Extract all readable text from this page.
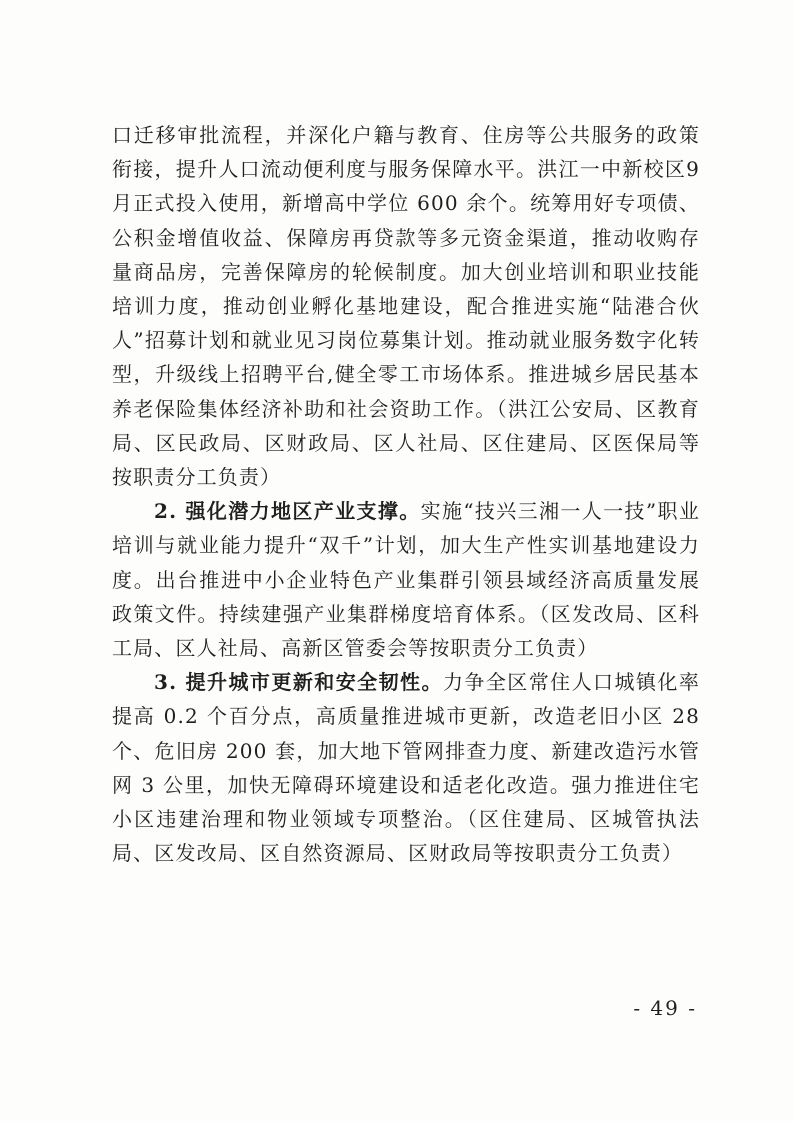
口迁移审批流程，并深化户籍与教育、住房等公共服务的政策衔接，提升人口流动便利度与服务保障水平。洪江一中新校区9月正式投入使用，新增高中学位 600 余个。统筹用好专项债、公积金增值收益、保障房再贷款等多元资金渠道，推动收购存量商品房，完善保障房的轮候制度。加大创业培训和职业技能培训力度，推动创业孵化基地建设，配合推进实施“陆港合伙人”招募计划和就业见习岗位募集计划。推动就业服务数字化转型，升级线上招聘平台,健全零工市场体系。推进城乡居民基本养老保险集体经济补助和社会资助工作。（洪江公安局、区教育局、区民政局、区财政局、区人社局、区住建局、区医保局等按职责分工负责）

2. 强化潜力地区产业支撑。实施“技兴三湘一人一技”职业培训与就业能力提升“双千”计划，加大生产性实训基地建设力度。出台推进中小企业特色产业集群引领县域经济高质量发展政策文件。持续建强产业集群梯度培育体系。（区发改局、区科工局、区人社局、高新区管委会等按职责分工负责）

3. 提升城市更新和安全韧性。力争全区常住人口城镇化率提高 0.2 个百分点，高质量推进城市更新，改造老旧小区 28 个、危旧房 200 套，加大地下管网排查力度、新建改造污水管网 3 公里，加快无障碍环境建设和适老化改造。强力推进住宅小区违建治理和物业领域专项整治。（区住建局、区城管执法局、区发改局、区自然资源局、区财政局等按职责分工负责）

- 49 -
